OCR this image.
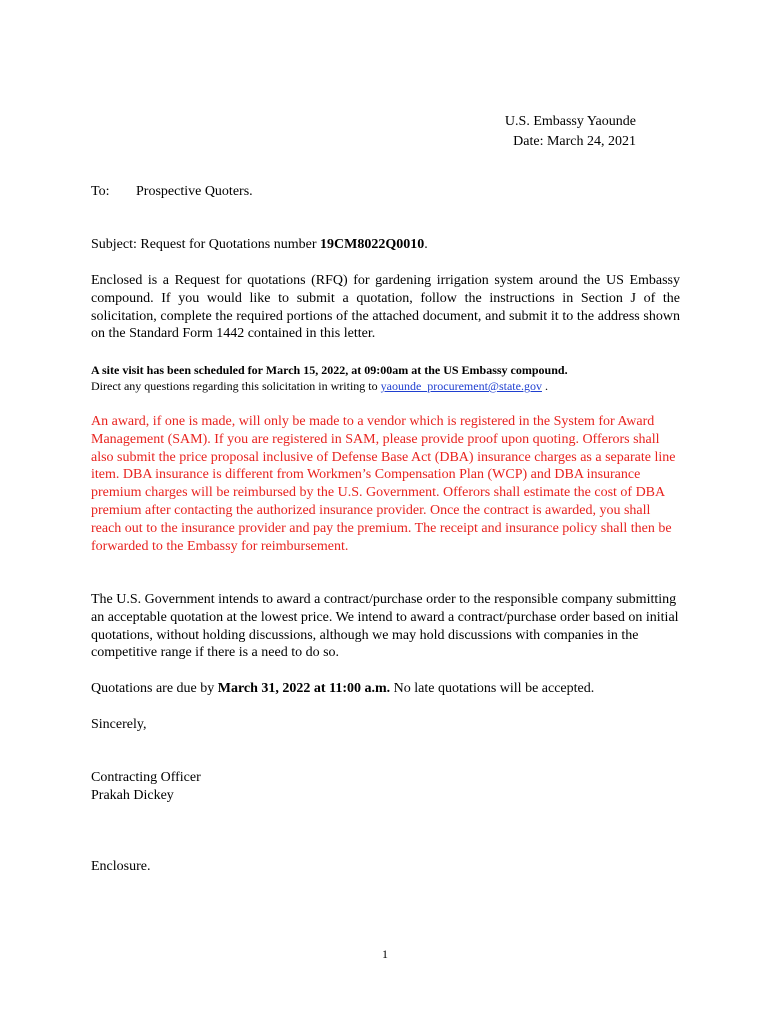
U.S. Embassy Yaounde
Date: March 24, 2021
To: Prospective Quoters.
Subject: Request for Quotations number 19CM8022Q0010.
Enclosed is a Request for quotations (RFQ) for gardening irrigation system around the US Embassy compound. If you would like to submit a quotation, follow the instructions in Section J of the solicitation, complete the required portions of the attached document, and submit it to the address shown on the Standard Form 1442 contained in this letter.
A site visit has been scheduled for March 15, 2022, at 09:00am at the US Embassy compound.
Direct any questions regarding this solicitation in writing to yaounde_procurement@state.gov .
An award, if one is made, will only be made to a vendor which is registered in the System for Award Management (SAM). If you are registered in SAM, please provide proof upon quoting. Offerors shall also submit the price proposal inclusive of Defense Base Act (DBA) insurance charges as a separate line item. DBA insurance is different from Workmen’s Compensation Plan (WCP) and DBA insurance premium charges will be reimbursed by the U.S. Government. Offerors shall estimate the cost of DBA premium after contacting the authorized insurance provider. Once the contract is awarded, you shall reach out to the insurance provider and pay the premium. The receipt and insurance policy shall then be forwarded to the Embassy for reimbursement.
The U.S. Government intends to award a contract/purchase order to the responsible company submitting an acceptable quotation at the lowest price. We intend to award a contract/purchase order based on initial quotations, without holding discussions, although we may hold discussions with companies in the competitive range if there is a need to do so.
Quotations are due by March 31, 2022 at 11:00 a.m. No late quotations will be accepted.
Sincerely,
Contracting Officer
Prakah Dickey
Enclosure.
1
